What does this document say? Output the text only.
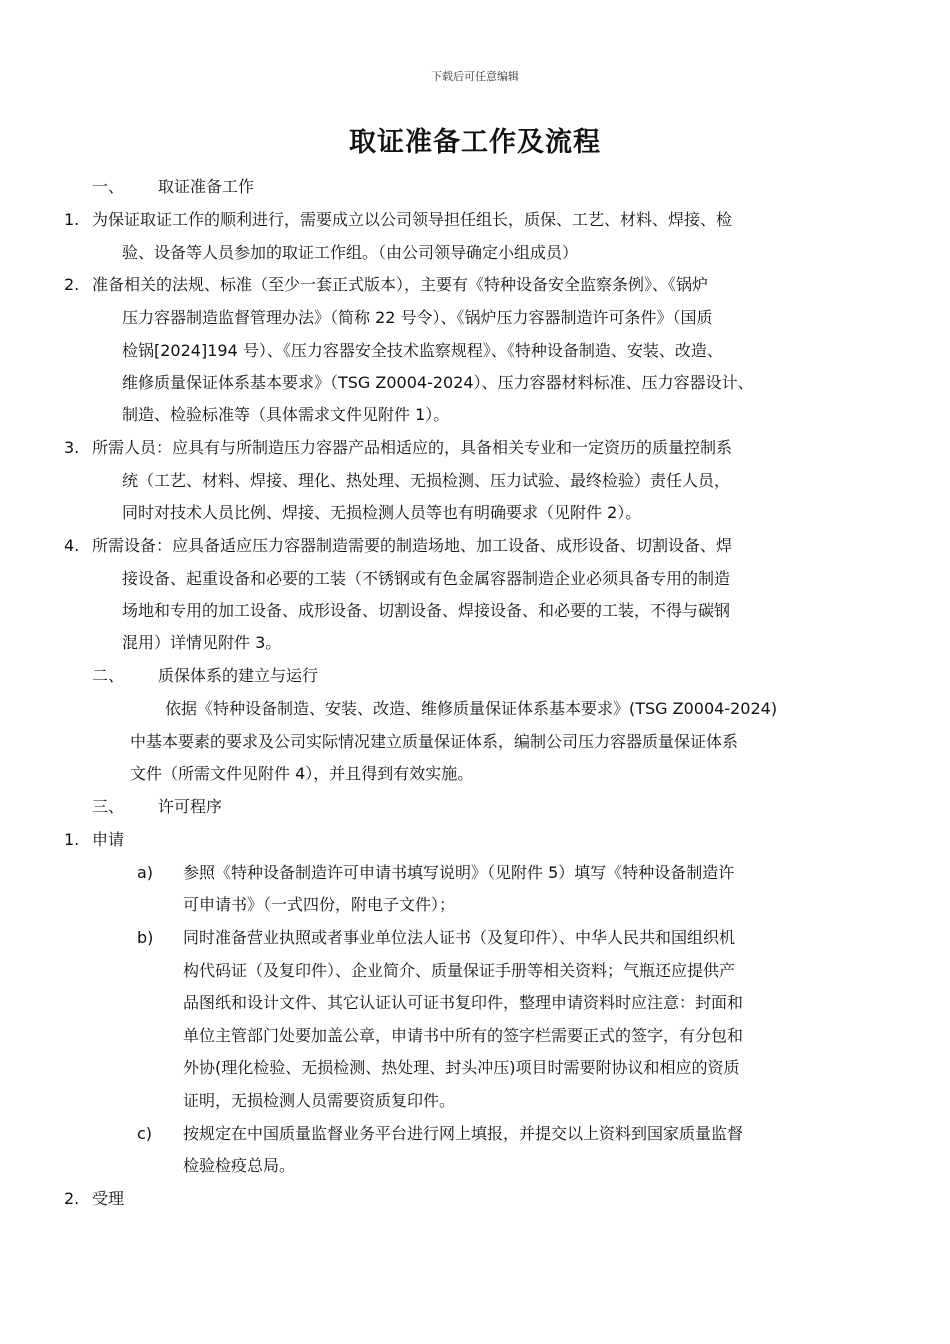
下载后可任意编辑
取证准备工作及流程
一、 取证准备工作
1. 为保证取证工作的顺利进行，需要成立以公司领导担任组长，质保、工艺、材料、焊接、检
验、设备等人员参加的取证工作组。（由公司领导确定小组成员）
2. 准备相关的法规、标准（至少一套正式版本），主要有《特种设备安全监察条例》、《锅炉
压力容器制造监督管理办法》（简称 22 号令）、《锅炉压力容器制造许可条件》（国质
检锅[2024]194 号）、《压力容器安全技术监察规程》、《特种设备制造、安装、改造、
维修质量保证体系基本要求》（TSG Z0004-2024）、压力容器材料标准、压力容器设计、
制造、检验标准等（具体需求文件见附件 1）。
3. 所需人员：应具有与所制造压力容器产品相适应的，具备相关专业和一定资历的质量控制系
统（工艺、材料、焊接、理化、热处理、无损检测、压力试验、最终检验）责任人员，
同时对技术人员比例、焊接、无损检测人员等也有明确要求（见附件 2）。
4. 所需设备：应具备适应压力容器制造需要的制造场地、加工设备、成形设备、切割设备、焊
接设备、起重设备和必要的工装（不锈钢或有色金属容器制造企业必须具备专用的制造
场地和专用的加工设备、成形设备、切割设备、焊接设备、和必要的工装，不得与碳钢
混用）详情见附件 3。
二、 质保体系的建立与运行
依据《特种设备制造、安装、改造、维修质量保证体系基本要求》(TSG Z0004-2024)
中基本要素的要求及公司实际情况建立质量保证体系，编制公司压力容器质量保证体系
文件（所需文件见附件 4），并且得到有效实施。
三、 许可程序
1. 申请
a) 参照《特种设备制造许可申请书填写说明》（见附件 5）填写《特种设备制造许
可申请书》（一式四份，附电子文件）；
b) 同时准备营业执照或者事业单位法人证书（及复印件）、中华人民共和国组织机
构代码证（及复印件）、企业简介、质量保证手册等相关资料；气瓶还应提供产
品图纸和设计文件、其它认证认可证书复印件，整理申请资料时应注意：封面和
单位主管部门处要加盖公章，申请书中所有的签字栏需要正式的签字，有分包和
外协(理化检验、无损检测、热处理、封头冲压)项目时需要附协议和相应的资质
证明，无损检测人员需要资质复印件。
c) 按规定在中国质量监督业务平台进行网上填报，并提交以上资料到国家质量监督
检验检疫总局。
2. 受理
